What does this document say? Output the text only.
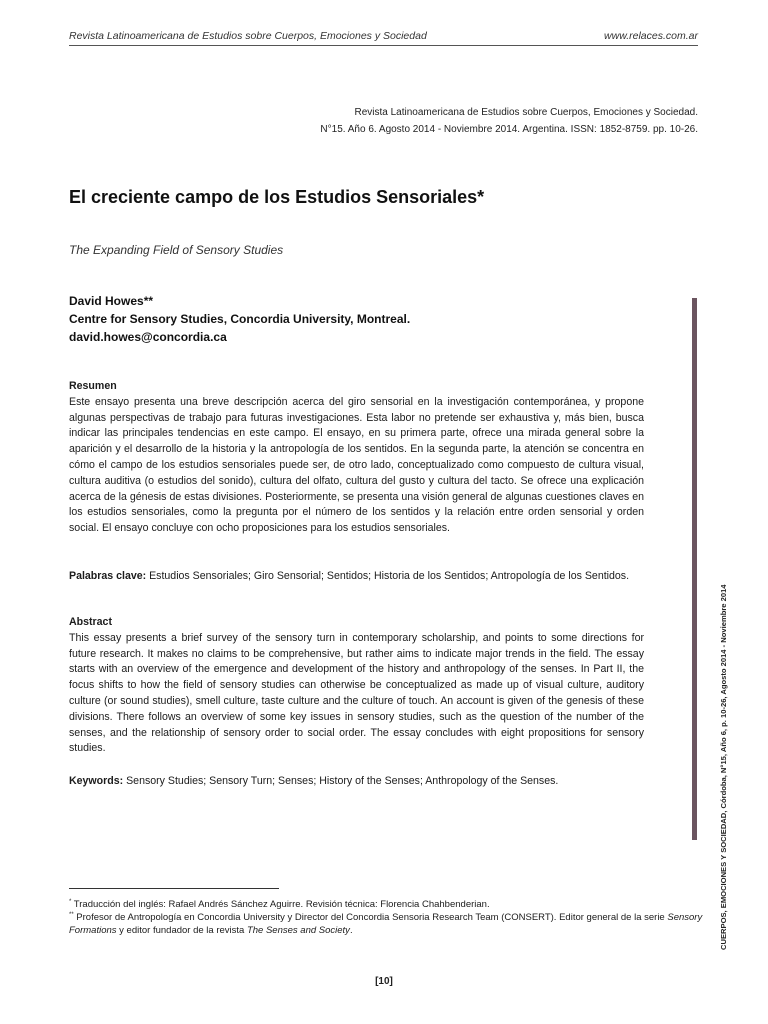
Revista Latinoamericana de Estudios sobre Cuerpos, Emociones y Sociedad	www.relaces.com.ar
Revista Latinoamericana de Estudios sobre Cuerpos, Emociones y Sociedad.
N°15. Año 6. Agosto 2014 - Noviembre 2014. Argentina. ISSN: 1852-8759. pp. 10-26.
El creciente campo de los Estudios Sensoriales*
The Expanding Field of Sensory Studies
David Howes**
Centre for Sensory Studies, Concordia University, Montreal.
david.howes@concordia.ca
Resumen
Este ensayo presenta una breve descripción acerca del giro sensorial en la investigación contemporánea, y propone algunas perspectivas de trabajo para futuras investigaciones. Esta labor no pretende ser exhaustiva y, más bien, busca indicar las principales tendencias en este campo. El ensayo, en su primera parte, ofrece una mirada general sobre la aparición y el desarrollo de la historia y la antropología de los sentidos. En la segunda parte, la atención se concentra en cómo el campo de los estudios sensoriales puede ser, de otro lado, conceptualizado como compuesto de cultura visual, cultura auditiva (o estudios del sonido), cultura del olfato, cultura del gusto y cultura del tacto. Se ofrece una explicación acerca de la génesis de estas divisiones. Posteriormente, se presenta una visión general de algunas cuestiones claves en los estudios sensoriales, como la pregunta por el número de los sentidos y la relación entre orden sensorial y orden social. El ensayo concluye con ocho proposiciones para los estudios sensoriales.
Palabras clave: Estudios Sensoriales; Giro Sensorial; Sentidos; Historia de los Sentidos; Antropología de los Sentidos.
Abstract
This essay presents a brief survey of the sensory turn in contemporary scholarship, and points to some directions for future research. It makes no claims to be comprehensive, but rather aims to indicate major trends in the field. The essay starts with an overview of the emergence and development of the history and anthropology of the senses. In Part II, the focus shifts to how the field of sensory studies can otherwise be conceptualized as made up of visual culture, auditory culture (or sound studies), smell culture, taste culture and the culture of touch. An account is given of the genesis of these divisions. There follows an overview of some key issues in sensory studies, such as the question of the number of the senses, and the relationship of sensory order to social order. The essay concludes with eight propositions for sensory studies.
Keywords: Sensory Studies; Sensory Turn; Senses; History of the Senses; Anthropology of the Senses.	CUERPOS, EMOCIONES Y SOCIEDAD, Córdoba, N°15, Año 6, p. 10-26, Agosto 2014 - Noviembre 2014
* Traducción del inglés: Rafael Andrés Sánchez Aguirre. Revisión técnica: Florencia Chahbenderian.
** Profesor de Antropología en Concordia University y Director del Concordia Sensoria Research Team (CONSERT). Editor general de la serie Sensory Formations y editor fundador de la revista The Senses and Society.
[10]
